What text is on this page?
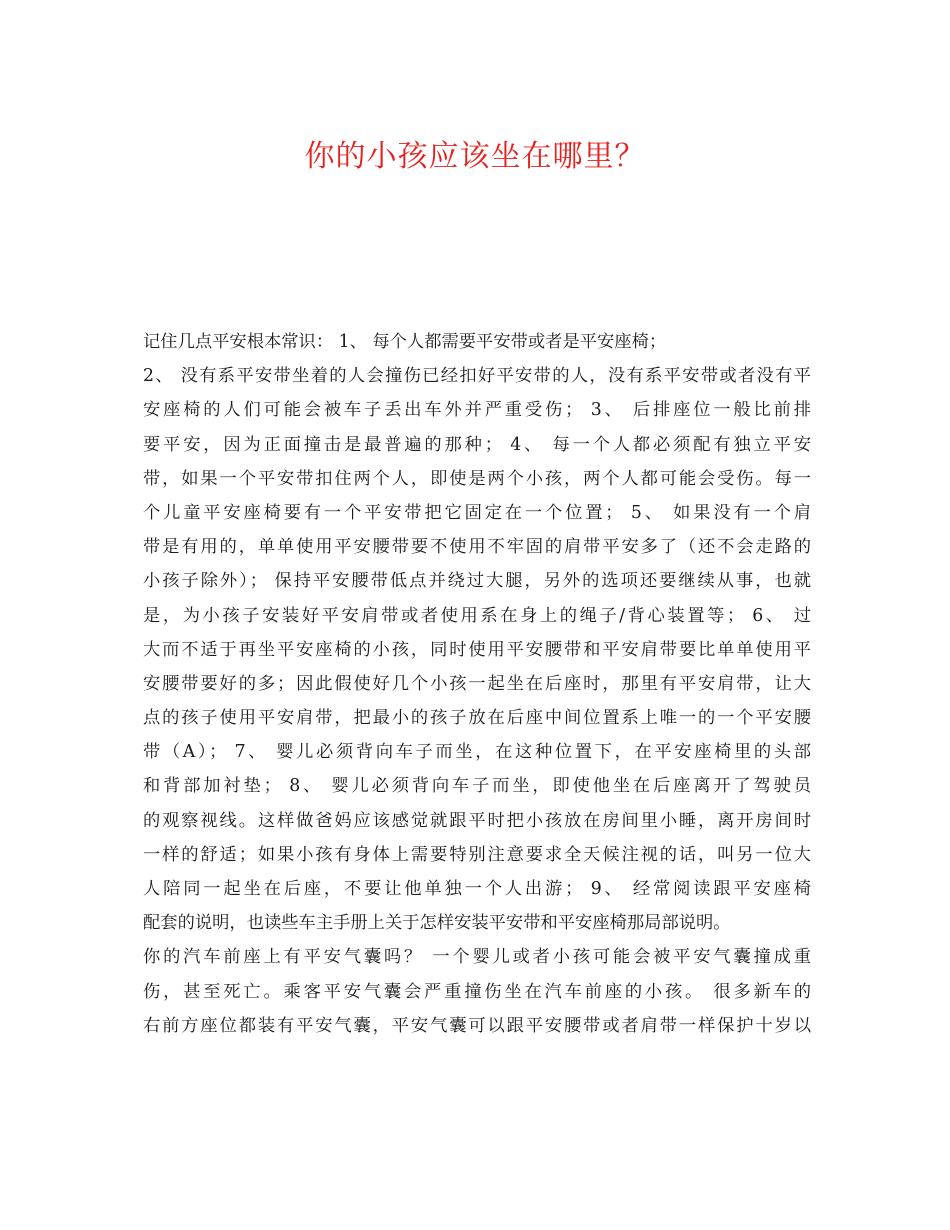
你的小孩应该坐在哪里？
记住几点平安根本常识： 1、 每个人都需要平安带或者是平安座椅；
2、 没有系平安带坐着的人会撞伤已经扣好平安带的人，没有系平安带或者没有平
安座椅的人们可能会被车子丢出车外并严重受伤； 3、 后排座位一般比前排
要平安，因为正面撞击是最普遍的那种； 4、 每一个人都必须配有独立平安
带，如果一个平安带扣住两个人，即使是两个小孩，两个人都可能会受伤。每一
个儿童平安座椅要有一个平安带把它固定在一个位置； 5、 如果没有一个肩
带是有用的，单单使用平安腰带要不使用不牢固的肩带平安多了（还不会走路的
小孩子除外）； 保持平安腰带低点并绕过大腿，另外的选项还要继续从事，也就
是，为小孩子安装好平安肩带或者使用系在身上的绳子/背心装置等； 6、 过
大而不适于再坐平安座椅的小孩，同时使用平安腰带和平安肩带要比单单使用平
安腰带要好的多；因此假使好几个小孩一起坐在后座时，那里有平安肩带，让大
点的孩子使用平安肩带，把最小的孩子放在后座中间位置系上唯一的一个平安腰
带（A）； 7、 婴儿必须背向车子而坐，在这种位置下，在平安座椅里的头部
和背部加衬垫； 8、 婴儿必须背向车子而坐，即使他坐在后座离开了驾驶员
的观察视线。这样做爸妈应该感觉就跟平时把小孩放在房间里小睡，离开房间时
一样的舒适；如果小孩有身体上需要特别注意要求全天候注视的话，叫另一位大
人陪同一起坐在后座，不要让他单独一个人出游； 9、 经常阅读跟平安座椅
配套的说明，也读些车主手册上关于怎样安装平安带和平安座椅那局部说明。
你的汽车前座上有平安气囊吗？ 一个婴儿或者小孩可能会被平安气囊撞成重
伤，甚至死亡。乘客平安气囊会严重撞伤坐在汽车前座的小孩。 很多新车的
右前方座位都装有平安气囊，平安气囊可以跟平安腰带或者肩带一样保护十岁以
